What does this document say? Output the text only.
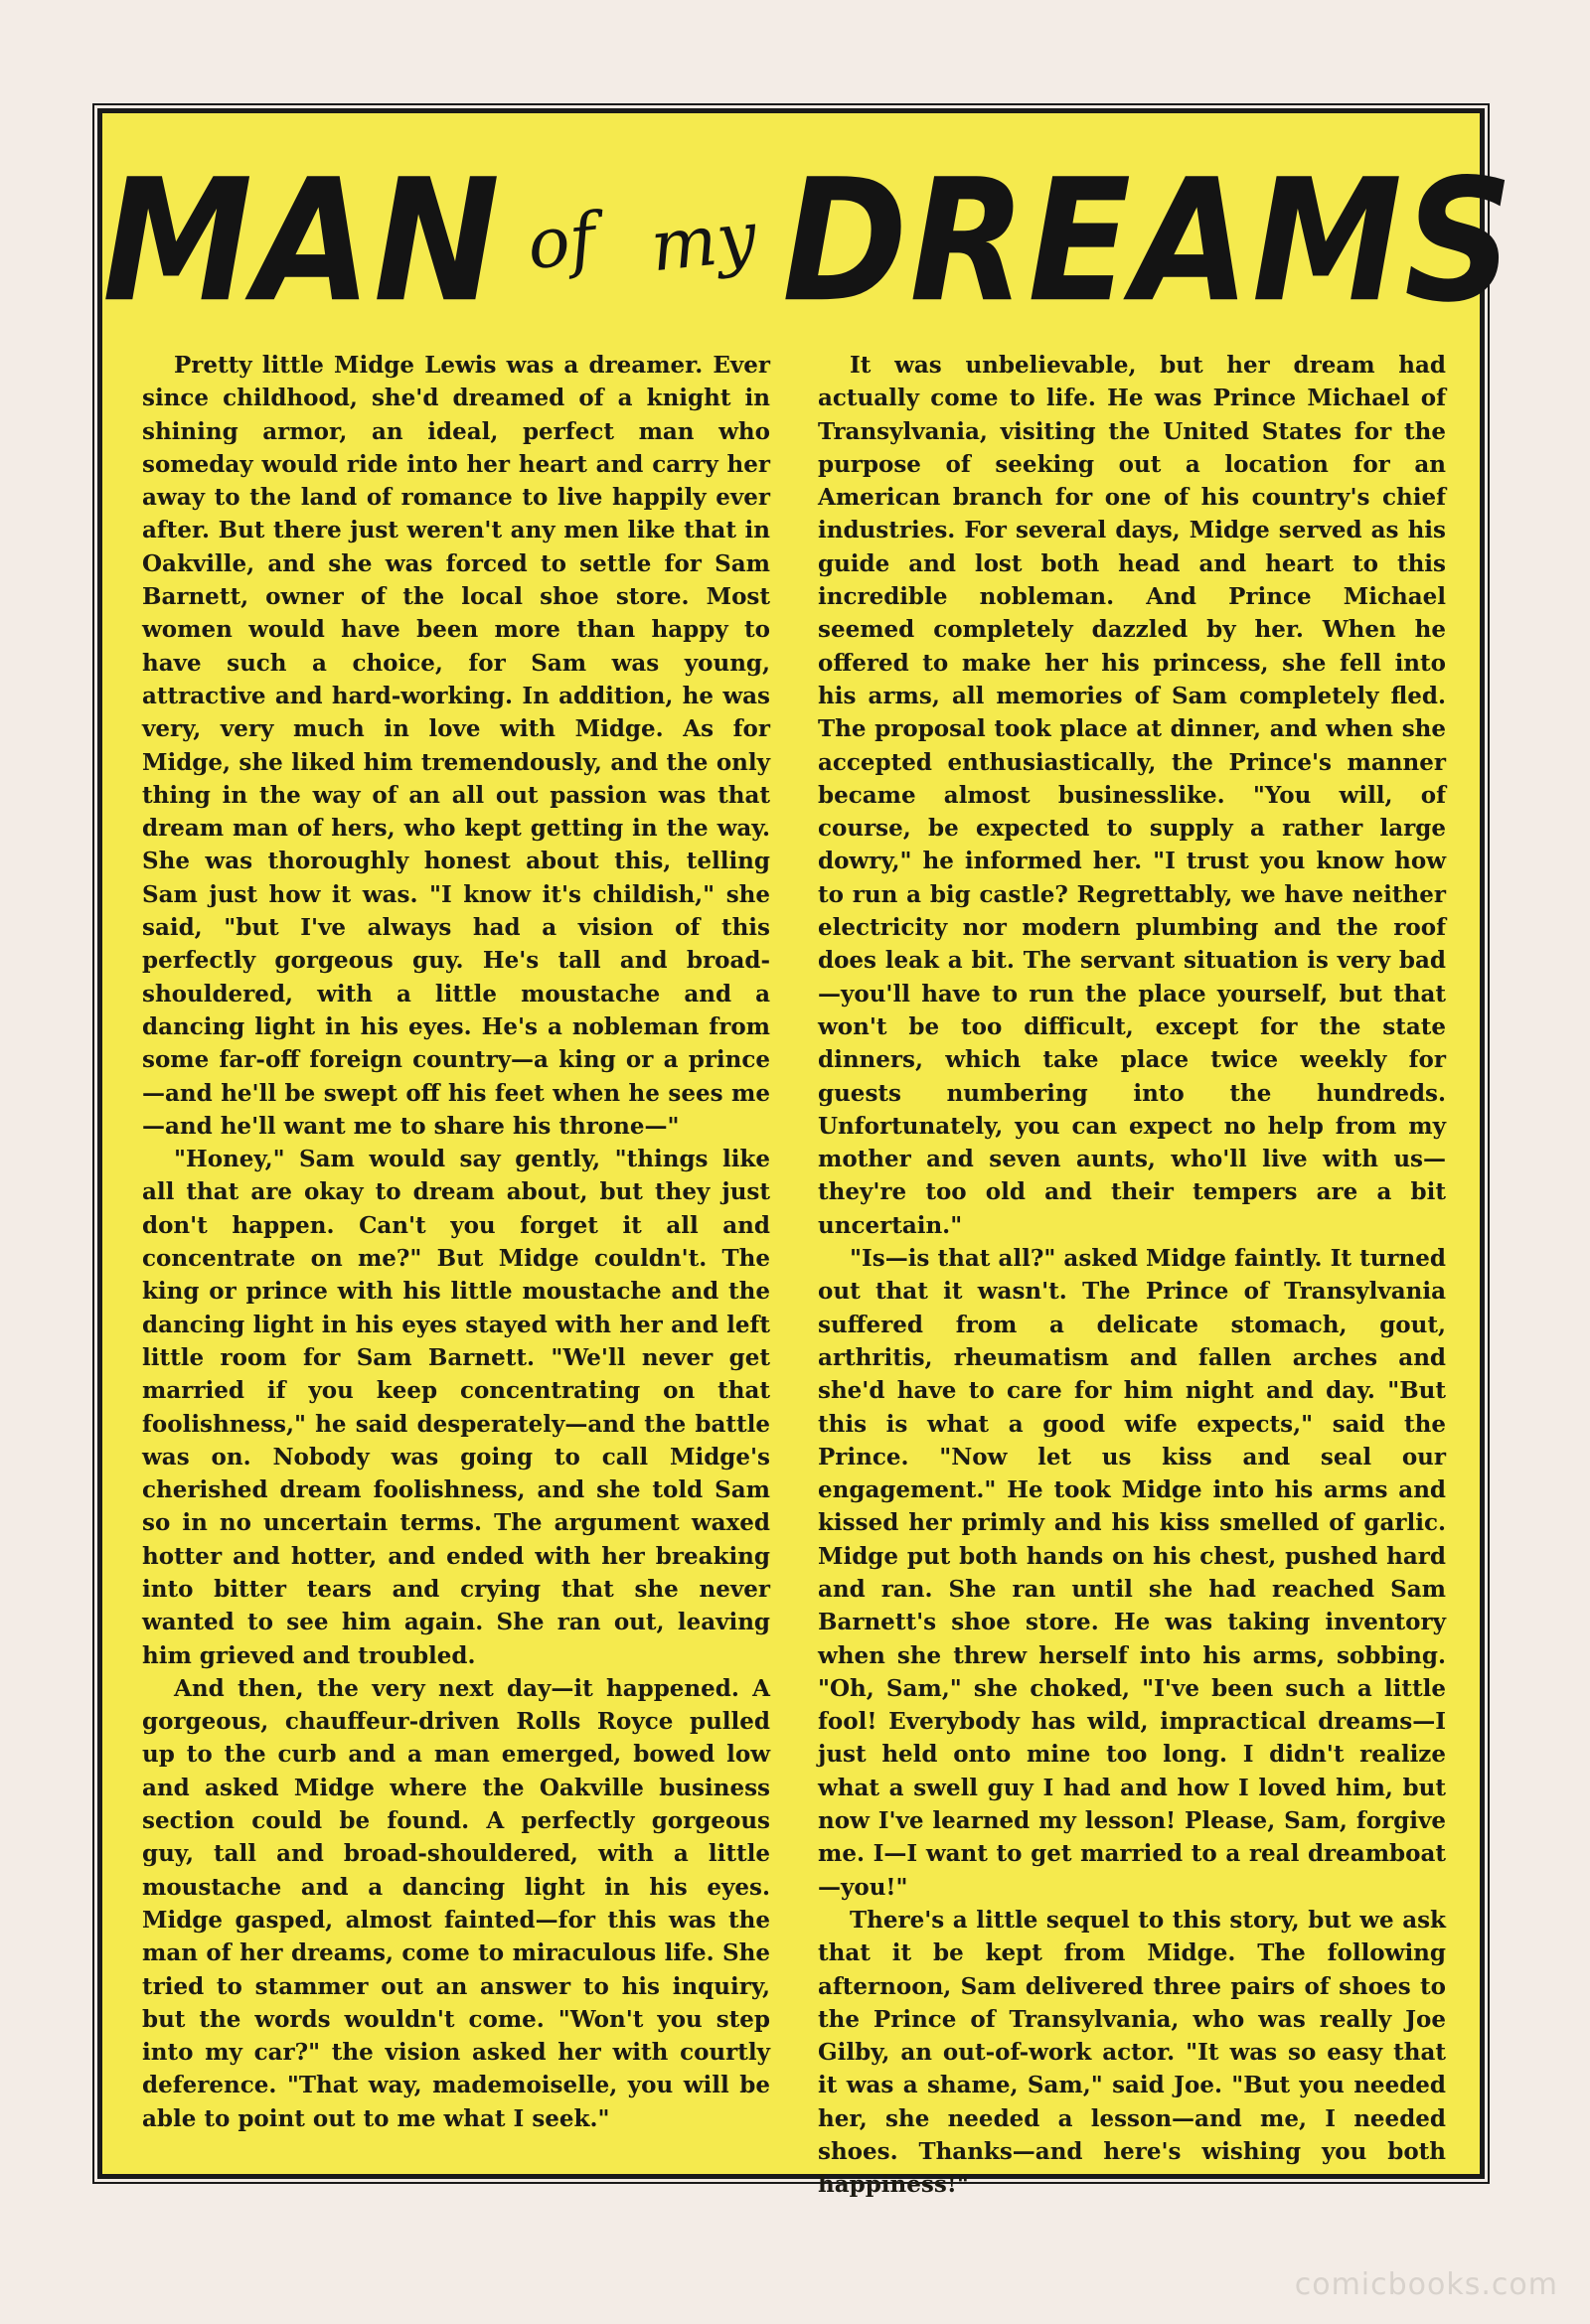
MAN of my DREAMS

Pretty little Midge Lewis was a dreamer. Ever since childhood, she'd dreamed of a knight in shining armor, an ideal, perfect man who someday would ride into her heart and carry her away to the land of romance to live happily ever after. But there just weren't any men like that in Oakville, and she was forced to settle for Sam Barnett, owner of the local shoe store. Most women would have been more than happy to have such a choice, for Sam was young, attractive and hard-working. In addition, he was very, very much in love with Midge. As for Midge, she liked him tremendously, and the only thing in the way of an all out passion was that dream man of hers, who kept getting in the way. She was thoroughly honest about this, telling Sam just how it was. "I know it's childish," she said, "but I've always had a vision of this perfectly gorgeous guy. He's tall and broad-shouldered, with a little moustache and a dancing light in his eyes. He's a nobleman from some far-off foreign country—a king or a prince—and he'll be swept off his feet when he sees me—and he'll want me to share his throne—"

"Honey," Sam would say gently, "things like all that are okay to dream about, but they just don't happen. Can't you forget it all and concentrate on me?" But Midge couldn't. The king or prince with his little moustache and the dancing light in his eyes stayed with her and left little room for Sam Barnett. "We'll never get married if you keep concentrating on that foolishness," he said desperately—and the battle was on. Nobody was going to call Midge's cherished dream foolishness, and she told Sam so in no uncertain terms. The argument waxed hotter and hotter, and ended with her breaking into bitter tears and crying that she never wanted to see him again. She ran out, leaving him grieved and troubled.

And then, the very next day—it happened. A gorgeous, chauffeur-driven Rolls Royce pulled up to the curb and a man emerged, bowed low and asked Midge where the Oakville business section could be found. A perfectly gorgeous guy, tall and broad-shouldered, with a little moustache and a dancing light in his eyes. Midge gasped, almost fainted—for this was the man of her dreams, come to miraculous life. She tried to stammer out an answer to his inquiry, but the words wouldn't come. "Won't you step into my car?" the vision asked her with courtly deference. "That way, mademoiselle, you will be able to point out to me what I seek."

It was unbelievable, but her dream had actually come to life. He was Prince Michael of Transylvania, visiting the United States for the purpose of seeking out a location for an American branch for one of his country's chief industries. For several days, Midge served as his guide and lost both head and heart to this incredible nobleman. And Prince Michael seemed completely dazzled by her. When he offered to make her his princess, she fell into his arms, all memories of Sam completely fled. The proposal took place at dinner, and when she accepted enthusiastically, the Prince's manner became almost businesslike. "You will, of course, be expected to supply a rather large dowry," he informed her. "I trust you know how to run a big castle? Regrettably, we have neither electricity nor modern plumbing and the roof does leak a bit. The servant situation is very bad—you'll have to run the place yourself, but that won't be too difficult, except for the state dinners, which take place twice weekly for guests numbering into the hundreds. Unfortunately, you can expect no help from my mother and seven aunts, who'll live with us—they're too old and their tempers are a bit uncertain."

"Is—is that all?" asked Midge faintly. It turned out that it wasn't. The Prince of Transylvania suffered from a delicate stomach, gout, arthritis, rheumatism and fallen arches and she'd have to care for him night and day. "But this is what a good wife expects," said the Prince. "Now let us kiss and seal our engagement." He took Midge into his arms and kissed her primly and his kiss smelled of garlic. Midge put both hands on his chest, pushed hard and ran. She ran until she had reached Sam Barnett's shoe store. He was taking inventory when she threw herself into his arms, sobbing. "Oh, Sam," she choked, "I've been such a little fool! Everybody has wild, impractical dreams—I just held onto mine too long. I didn't realize what a swell guy I had and how I loved him, but now I've learned my lesson! Please, Sam, forgive me. I—I want to get married to a real dreamboat—you!"

There's a little sequel to this story, but we ask that it be kept from Midge. The following afternoon, Sam delivered three pairs of shoes to the Prince of Transylvania, who was really Joe Gilby, an out-of-work actor. "It was so easy that it was a shame, Sam," said Joe. "But you needed her, she needed a lesson—and me, I needed shoes. Thanks—and here's wishing you both happiness!"

comicbooks.com
